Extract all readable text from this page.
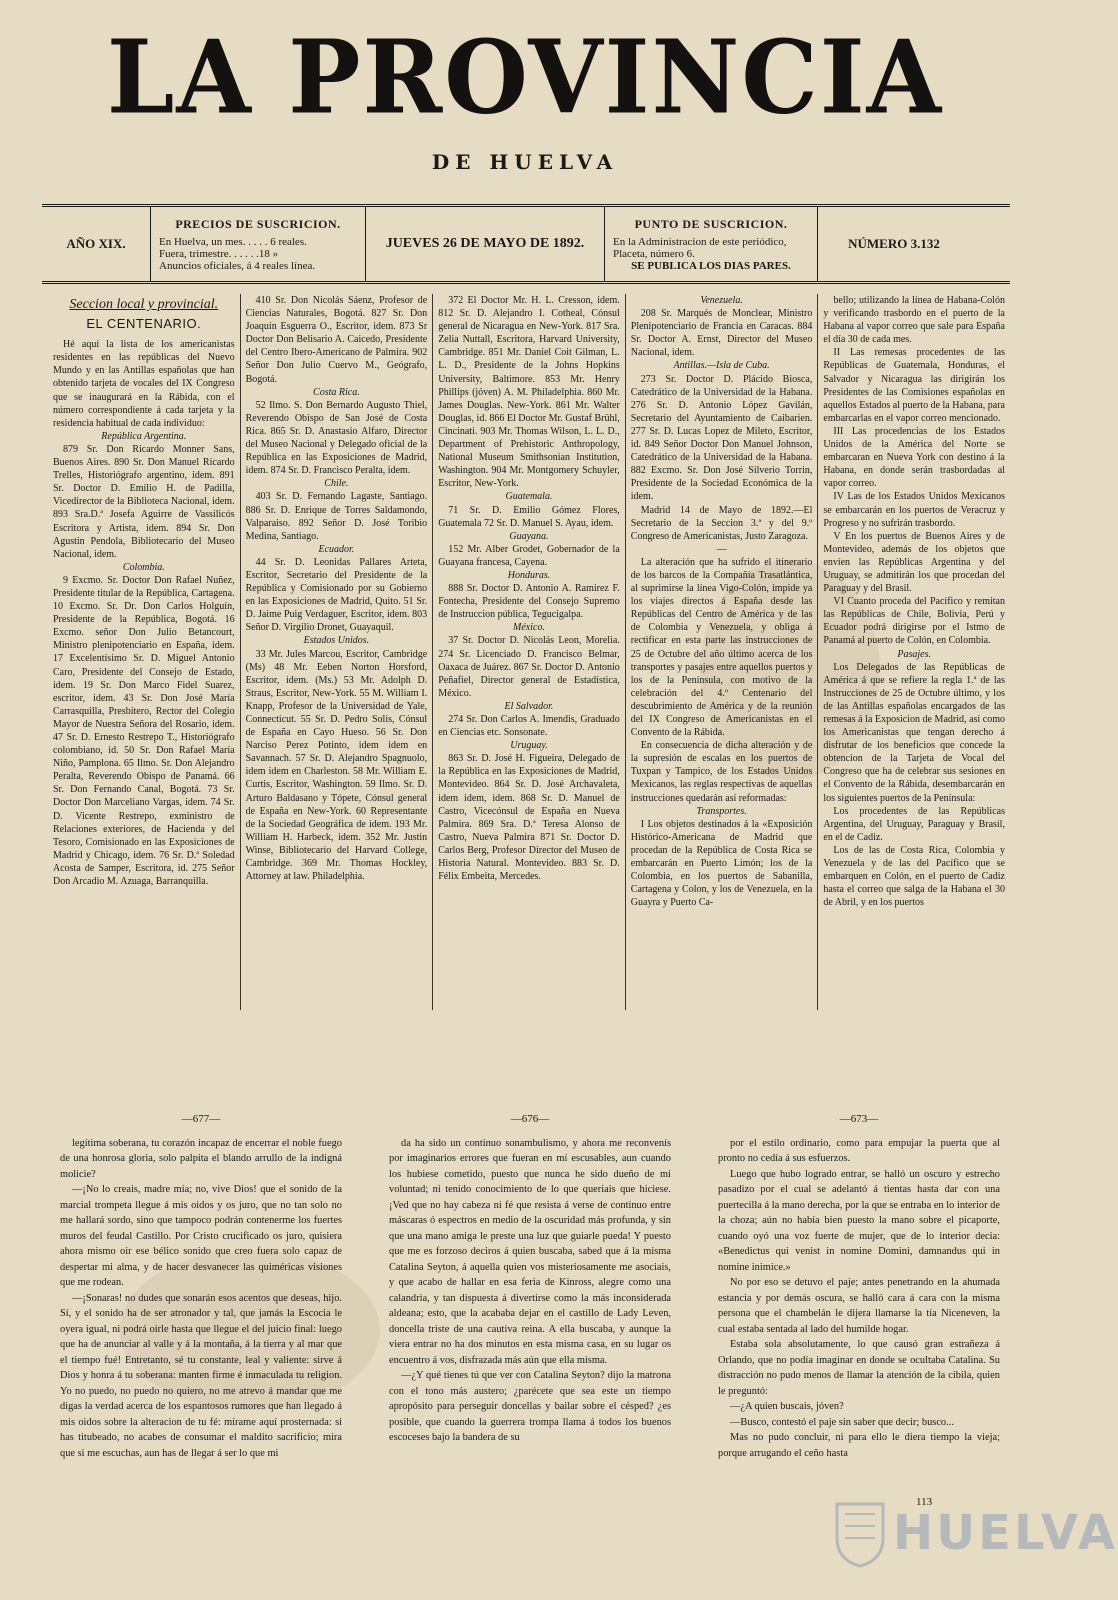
LA PROVINCIA
DE HUELVA
AÑO XIX.
PRECIOS DE SUSCRICION.
En Huelva, un mes. . . . . 6 reales.
Fuera, trimestre. . . . . .18 »
Anuncios oficiales, á 4 reales línea.
JUEVES 26 DE MAYO DE 1892.
PUNTO DE SUSCRICION.
En la Administracion de este periódico,
Placeta, número 6.
SE PUBLICA LOS DIAS PARES.
NÚMERO 3.132
Seccion local y provincial.
EL CENTENARIO.

Hé aquí la lista de los americanistas residentes en las repúblicas del Nuevo Mundo y en las Antillas españolas que han obtenido tarjeta de vocales del IX Congreso que se inaugurará en la Rábida, con el número correspondiente á cada tarjeta y la residencia habitual de cada individuo:

República Argentina.

879 Sr. Don Ricardo Monner Sans, Buenos Aires. 890 Sr. Don Manuel Ricardo Trelles, Historiógrafo argentino, idem. 891 Sr. Doctor D. Emilio H. de Padilla, Vicedirector de la Biblioteca Nacional, idem. 893 Sra.D.ª Josefa Aguirre de Vassilicós Escritora y Artista, idem. 894 Sr. Don Agustin Pendola, Bibliotecario del Museo Nacional, idem.

Colombia.

9 Excmo. Sr. Doctor Don Rafael Nuñez, Presidente titular de la República, Cartagena. 10 Excmo. Sr. Dr. Don Carlos Holguín, Presidente de la República, Bogotá. 16 Excmo. señor Don Julio Betancourt, Ministro plenipotenciario en España, idem. 17 Excelentísimo Sr. D. Miguel Antonio Caro, Presidente del Consejo de Estado, idem. 19 Sr. Don Marco Fidel Suarez, escritor, idem. 43 Sr. Don José María Carrasquilla, Presbítero, Rector del Colegio Mayor de Nuestra Señora del Rosario, idem. 47 Sr. D. Ernesto Restrepo T., Historiógrafo colombiano, id. 50 Sr. Don Rafael María Niño, Pamplona. 65 Ilmo. Sr. Don Alejandro Peralta, Reverendo Obispo de Panamá. 66 Sr. Don Fernando Canal, Bogotá. 73 Sr. Doctor Don Marceliano Vargas, idem. 74 Sr. D. Vicente Restrepo, exministro de Relaciones exteriores, de Hacienda y del Tesoro, Comisionado en las Exposiciones de Madrid y Chicago, idem. 76 Sr. D.ª Soledad Acosta de Samper, Escritora, id. 275 Señor Don Arcadio M. Azuaga, Barranquilla.

410 Sr. Don Nicolás Sáenz, Profesor de Ciencias Naturales, Bogotá. 827 Sr. Don Joaquín Esguerra O., Escritor, idem. 873 Sr Doctor Don Belisario A. Caicedo, Presidente del Centro Ibero-Americano de Palmira. 902 Señor Don Julio Cuervo M., Geógrafo, Bogotá.

Costa Rica.

52 Ilmo. S. Don Bernardo Augusto Thiel, Reverendo Obispo de San José de Costa Rica. 865 Sr. D. Anastasio Alfaro, Director del Museo Nacional y Delegado oficial de la República en las Exposiciones de Madrid, idem. 874 Sr. D. Francisco Peralta, idem.

Chile.

403 Sr. D. Fernando Lagaste, Santiago. 886 Sr. D. Enrique de Torres Saldamondo, Valparaiso. 892 Señor D. José Toribio Medina, Santiago.

Ecuador.

44 Sr. D. Leonidas Pallares Arteta, Escritor, Secretario del Presidente de la República y Comisionado por su Gobierno en las Exposiciones de Madrid, Quito. 51 Sr. D. Jaime Puig Verdaguer, Escritor, idem. 803 Señor D. Virgilio Dronet, Guayaquil.

Estados Unidos.

33 Mr. Jules Marcou, Escritor, Cambridge (Ms) 48 Mr. Eeben Norton Horsford, Escritor, idem. (Ms.) 53 Mr. Adolph D. Straus, Escritor, New-York. 55 M. William I. Knapp, Profesor de la Universidad de Yale, Connecticut. 55 Sr. D. Pedro Solis, Cónsul de España en Cayo Hueso. 56 Sr. Don Narciso Perez Potinto, idem idem en Savannach. 57 Sr. D. Alejandro Spagnuolo, idem idem en Charleston. 58 Mr. William E. Curtis, Escritor, Washington. 59 Ilmo. Sr. D. Arturo Baldasano y Tópete, Cónsul general de España en New-York. 60 Representante de la Sociedad Geográfica de idem. 193 Mr. William H. Harbeck, idem. 352 Mr. Justin Winse, Bibliotecario del Harvard College, Cambridge. 369 Mr. Thomas Hockley, Attorney at law. Philadelphia.

372 El Doctor Mr. H. L. Cresson, idem. 812 Sr. D. Alejandro I. Cotheal, Cónsul general de Nicaragua en New-York. 817 Sra. Zelia Nuttall, Escritora, Harvard University, Cambridge. 851 Mr. Daniel Coit Gilman, L. L. D., Presidente de la Johns Hopkins University, Baltimore. 853 Mr. Henry Phillips (jóven) A. M. Philadelphia. 860 Mr. James Douglas. New-York. 861 Mr. Walter Douglas, id. 866 El Doctor Mr. Gustaf Brühl, Cincinati. 903 Mr. Thomas Wilson, L. L. D., Department of Prehistoric Anthropology, National Museum Smithsonian Institution, Washington. 904 Mr. Montgomery Schuyler, Escritor, New-York.

Guatemala.

71 Sr. D. Emilio Gómez Flores, Guatemala 72 Sr. D. Manuel S. Ayau, idem.

Guayana.

152 Mr. Alber Grodet, Gobernador de la Guayana francesa, Cayena.

Honduras.

888 Sr. Doctor D. Antonio A. Ramirez F. Fontecha, Presidente del Consejo Supremo de Instruccion pública, Tegucigalpa.

México.

37 Sr. Doctor D. Nicolás Leon, Morelia. 274 Sr. Licenciado D. Francisco Belmar, Oaxaca de Juárez. 867 Sr. Doctor D. Antonio Peñafiel, Director general de Estadística, México.

El Salvador.

274 Sr. Don Carlos A. Imendis, Graduado en Ciencias etc. Sonsonate.

Uruguay.

863 Sr. D. José H. Figueira, Delegado de la República en las Exposiciones de Madrid, Montevideo. 864 Sr. D. José Archavaleta, idem idem, idem. 868 Sr. D. Manuel de Castro, Vicecónsul de España en Nueva Palmira. 869 Sra. D.ª Teresa Alonso de Castro, Nueva Palmira 871 Sr. Doctor D. Carlos Berg, Profesor Director del Museo de Historia Natural. Montevideo. 883 Sr. D. Félix Embeita, Mercedes.

Venezuela.

208 Sr. Marqués de Monclear, Ministro Plenipotenciario de Francia en Caracas. 884 Sr. Doctor A. Ernst, Director del Museo Nacional, idem.

Antillas.—Isla de Cuba.

273 Sr. Doctor D. Plácido Biosca, Catedrático de la Universidad de la Habana. 276 Sr. D. Antonio López Gavilán, Secretario del Ayuntamiento de Caibarien. 277 Sr. D. Lucas Lopez de Mileto, Escritor, id. 849 Señor Doctor Don Manuel Johnson, Catedrático de la Universidad de la Habana. 882 Excmo. Sr. Don José Silverio Torrin, Presidente de la Sociedad Económica de la idem.

Madrid 14 de Mayo de 1892.—El Secretario de la Seccion 3.ª y del 9.º Congreso de Americanistas, Justo Zaragoza.

—

La alteración que ha sufrido el itinerario de los barcos de la Compañía Trasatlántica, al suprimirse la línea Vigo-Colón, impide ya los viajes directos á España desde las Repúblicas del Centro de América y de las de Colombia y Venezuela, y obliga á rectificar en esta parte las instrucciones de 25 de Octubre del año último acerca de los transportes y pasajes entre aquellos puertos y los de la Península, con motivo de la celebración del 4.º Centenario del descubrimiento de América y de la reunión del IX Congreso de Americanistas en el Convento de la Rábida.

En consecuencia de dicha alteración y de la supresión de escalas en los puertos de Tuxpan y Tampico, de los Estados Unidos Mexicanos, las reglas respectivas de aquellas instrucciones quedarán así reformadas:

Transportes.

I Los objetos destinados á la «Exposición Histórico-Americana de Madrid que procedan de la República de Costa Rica se embarcarán en Puerto Limón; los de la Colombia, en los puertos de Sabanilla, Cartagena y Colon, y los de Venezuela, en la Guayra y Puerto Ca-

bello; utilizando la línea de Habana-Colón y verificando trasbordo en el puerto de la Habana al vapor correo que sale para España el día 30 de cada mes.

II Las remesas procedentes de las Repúblicas de Guatemala, Honduras, el Salvador y Nicaragua las dirigirán los Presidentes de las Comisiones españolas en aquellos Estados al puerto de la Habana, para embarcarlas en el vapor correo mencionado.

III Las procedencias de los Estados Unidos de la América del Norte se embarcaran en Nueva York con destino á la Habana, en donde serán trasbordadas al vapor correo.

IV Las de los Estados Unidos Mexicanos se embarcarán en los puertos de Veracruz y Progreso y no sufrirán trasbordo.

V En los puertos de Buenos Aires y de Montevideo, además de los objetos que envíen las Repúblicas Argentina y del Uruguay, se admitirán los que procedan del Paraguay y del Brasil.

VI Cuanto proceda del Pacífico y remitan las Repúblicas de Chile, Bolivia, Perú y Ecuador podrá dirigirse por el Istmo de Panamá al puerto de Colón, en Colombia.

Pasajes.

Los Delegados de las Repúblicas de América á que se refiere la regla 1.ª de las Instrucciones de 25 de Octubre último, y los de las Antillas españolas encargados de las remesas á la Exposicion de Madrid, así como los Americanistas que tengan derecho á disfrutar de los beneficios que concede la obtencion de la Tarjeta de Vocal del Congreso que ha de celebrar sus sesiones en el Convento de la Rábida, desembarcarán en los siguientes puertos de la Península:

Los procedentes de las Repúblicas Argentina, del Uruguay, Paraguay y Brasil, en el de Cadiz.

Los de las de Costa Rica, Colombia y Venezuela y de las del Pacífico que se embarquen en Colón, en el puerto de Cadiz hasta el correo que salga de la Habana el 30 de Abril, y en los puertos

—677—

legítima soberana, tu corazón incapaz de encerrar el noble fuego de una honrosa gloria, solo palpita el blando arrullo de la indigná molicie?

—¡No lo creais, madre mía; no, vive Dios! que el sonido de la marcial trompeta llegue á mis oidos y os juro, que no tan solo no me hallará sordo, sino que tampoco podrán contenerme los fuertes muros del feudal Castillo. Por Cristo crucificado os juro, quisiera ahora mismo oir ese bélico sonido que creo fuera solo capaz de despertar mi alma, y de hacer desvanecer las quiméricas visiones que me rodean.

—¡Sonaras! no dudes que sonarán esos acentos que deseas, hijo. Sí, y el sonido ha de ser atronador y tal, que jamás la Escocia le oyera igual, ni podrá oirle hasta que llegue el del juicio final: luego que ha de anunciar al valle y á la montaña, á la tierra y al mar que el tiempo fué! Entretanto, sé tu constante, leal y valiente: sirve á Dios y honra á tu soberana: manten firme é inmaculada tu religion. Yo no puedo, no puedo no quiero, no me atrevo á mandar que me digas la verdad acerca de los espantosos rumores que han llegado á mis oidos sobre la alteracion de tu fé: mírame aquí prosternada: si has titubeado, no acabes de consumar el maldito sacrificio; mira que si me escuchas, aun has de llegar á ser lo que mi

—676—

da ha sido un continuo sonambulismo, y ahora me reconvenís por imaginarios errores que fueran en mí escusables, aun cuando los hubiese cometido, puesto que nunca he sido dueño de mi voluntad; ni tenido conocimiento de lo que queriais que hiciese. ¡Ved que no hay cabeza ni fé que resista á verse de continuo entre máscaras ó espectros en medio de la oscuridad más profunda, y sin que una mano amiga le preste una luz que guiarle pueda! Y puesto que me es forzoso deciros á quien buscaba, sabed que á la misma Catalina Seyton, á aquella quien vos misteriosamente me asociais, y que acabo de hallar en esa feria de Kinross, alegre como una calandria, y tan dispuesta á divertirse como la más inconsiderada aldeana; esto, que la acababa dejar en el castillo de Lady Leven, doncella triste de una cautiva reina. A ella buscaba, y aunque la viera entrar no ha dos minutos en esta misma casa, en su lugar os encuentro á vos, disfrazada más aún que ella misma.

—¿Y qué tienes tú que ver con Catalina Seyton? dijo la matrona con el tono más austero; ¿parécete que sea este un tiempo apropósito para perseguir doncellas y bailar sobre el césped? ¿es posible, que cuando la guerrera trompa llama á todos los buenos escoceses bajo la bandera de su

—673—

por el estilo ordinario, como para empujar la puerta que al pronto no cedía á sus esfuerzos.

Luego que hubo logrado entrar, se halló un oscuro y estrecho pasadizo por el cual se adelantó á tientas hasta dar con una puertecilla á la mano derecha, por la que se entraba en lo interior de la choza; aún no había bien puesto la mano sobre el picaporte, cuando oyó una voz fuerte de mujer, que de lo interior decia: «Benedictus qui venist in nomine Domini, damnandus qui in nomine inimice.»

No por eso se detuvo el paje; antes penetrando en la ahumada estancia y por demás oscura, se halló cara á cara con la misma persona que el chambelán le dijera llamarse la tía Niceneven, la cual estaba sentada al lado del humilde hogar.

Estaba sola absolutamente, lo que causó gran estrañeza á Orlando, que no podía imaginar en donde se ocultaba Catalina. Su distracción no pudo menos de llamar la atención de la cibila, quien le preguntó:

—¿A quien buscais, jóven?

—Busco, contestó el paje sin saber que decir; busco...

Mas no pudo concluir, ni para ello le diera tiempo la vieja; porque arrugando el ceño hasta

113
HUELVA
